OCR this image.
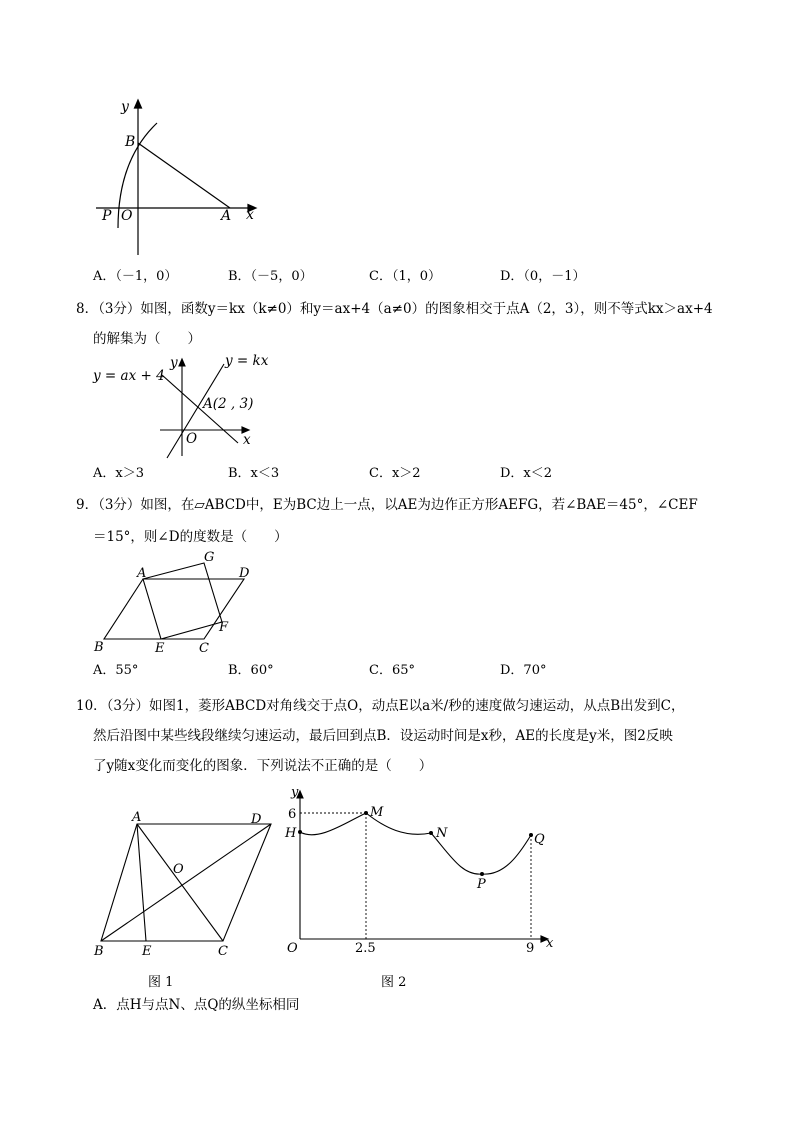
y
B
P O	A x
A．（－1，0）	B．（－5，0）	C．（1，0）	D．（0，－1）
8．（3分）如图，函数y＝kx（k≠0）和y＝ax+4（a≠0）的图象相交于点A（2，3），则不等式kx＞ax+4
的解集为（　　）
y = ax + 4
y = kx
y
A(2 , 3)
O	x
A．x＞3	B．x＜3	C．x＞2	D．x＜2
9．（3分）如图，在▱ABCD中，E为BC边上一点，以AE为边作正方形AEFG，若∠BAE＝45°，∠CEF
＝15°，则∠D的度数是（　　）
A
G
D
F
B	E	C
A．55°	B．60°	C．65°	D．70°
10．（3分）如图1，菱形ABCD对角线交于点O，动点E以a米/秒的速度做匀速运动，从点B出发到C，
然后沿图中某些线段继续匀速运动，最后回到点B．设运动时间是x秒，AE的长度是y米，图2反映
了y随x变化而变化的图象．下列说法不正确的是（　　）
A	D
O
B	E	C
图 1
y
6
H
M
N
P
Q
O	2.5	9 x
图 2
A．点H与点N、点Q的纵坐标相同
